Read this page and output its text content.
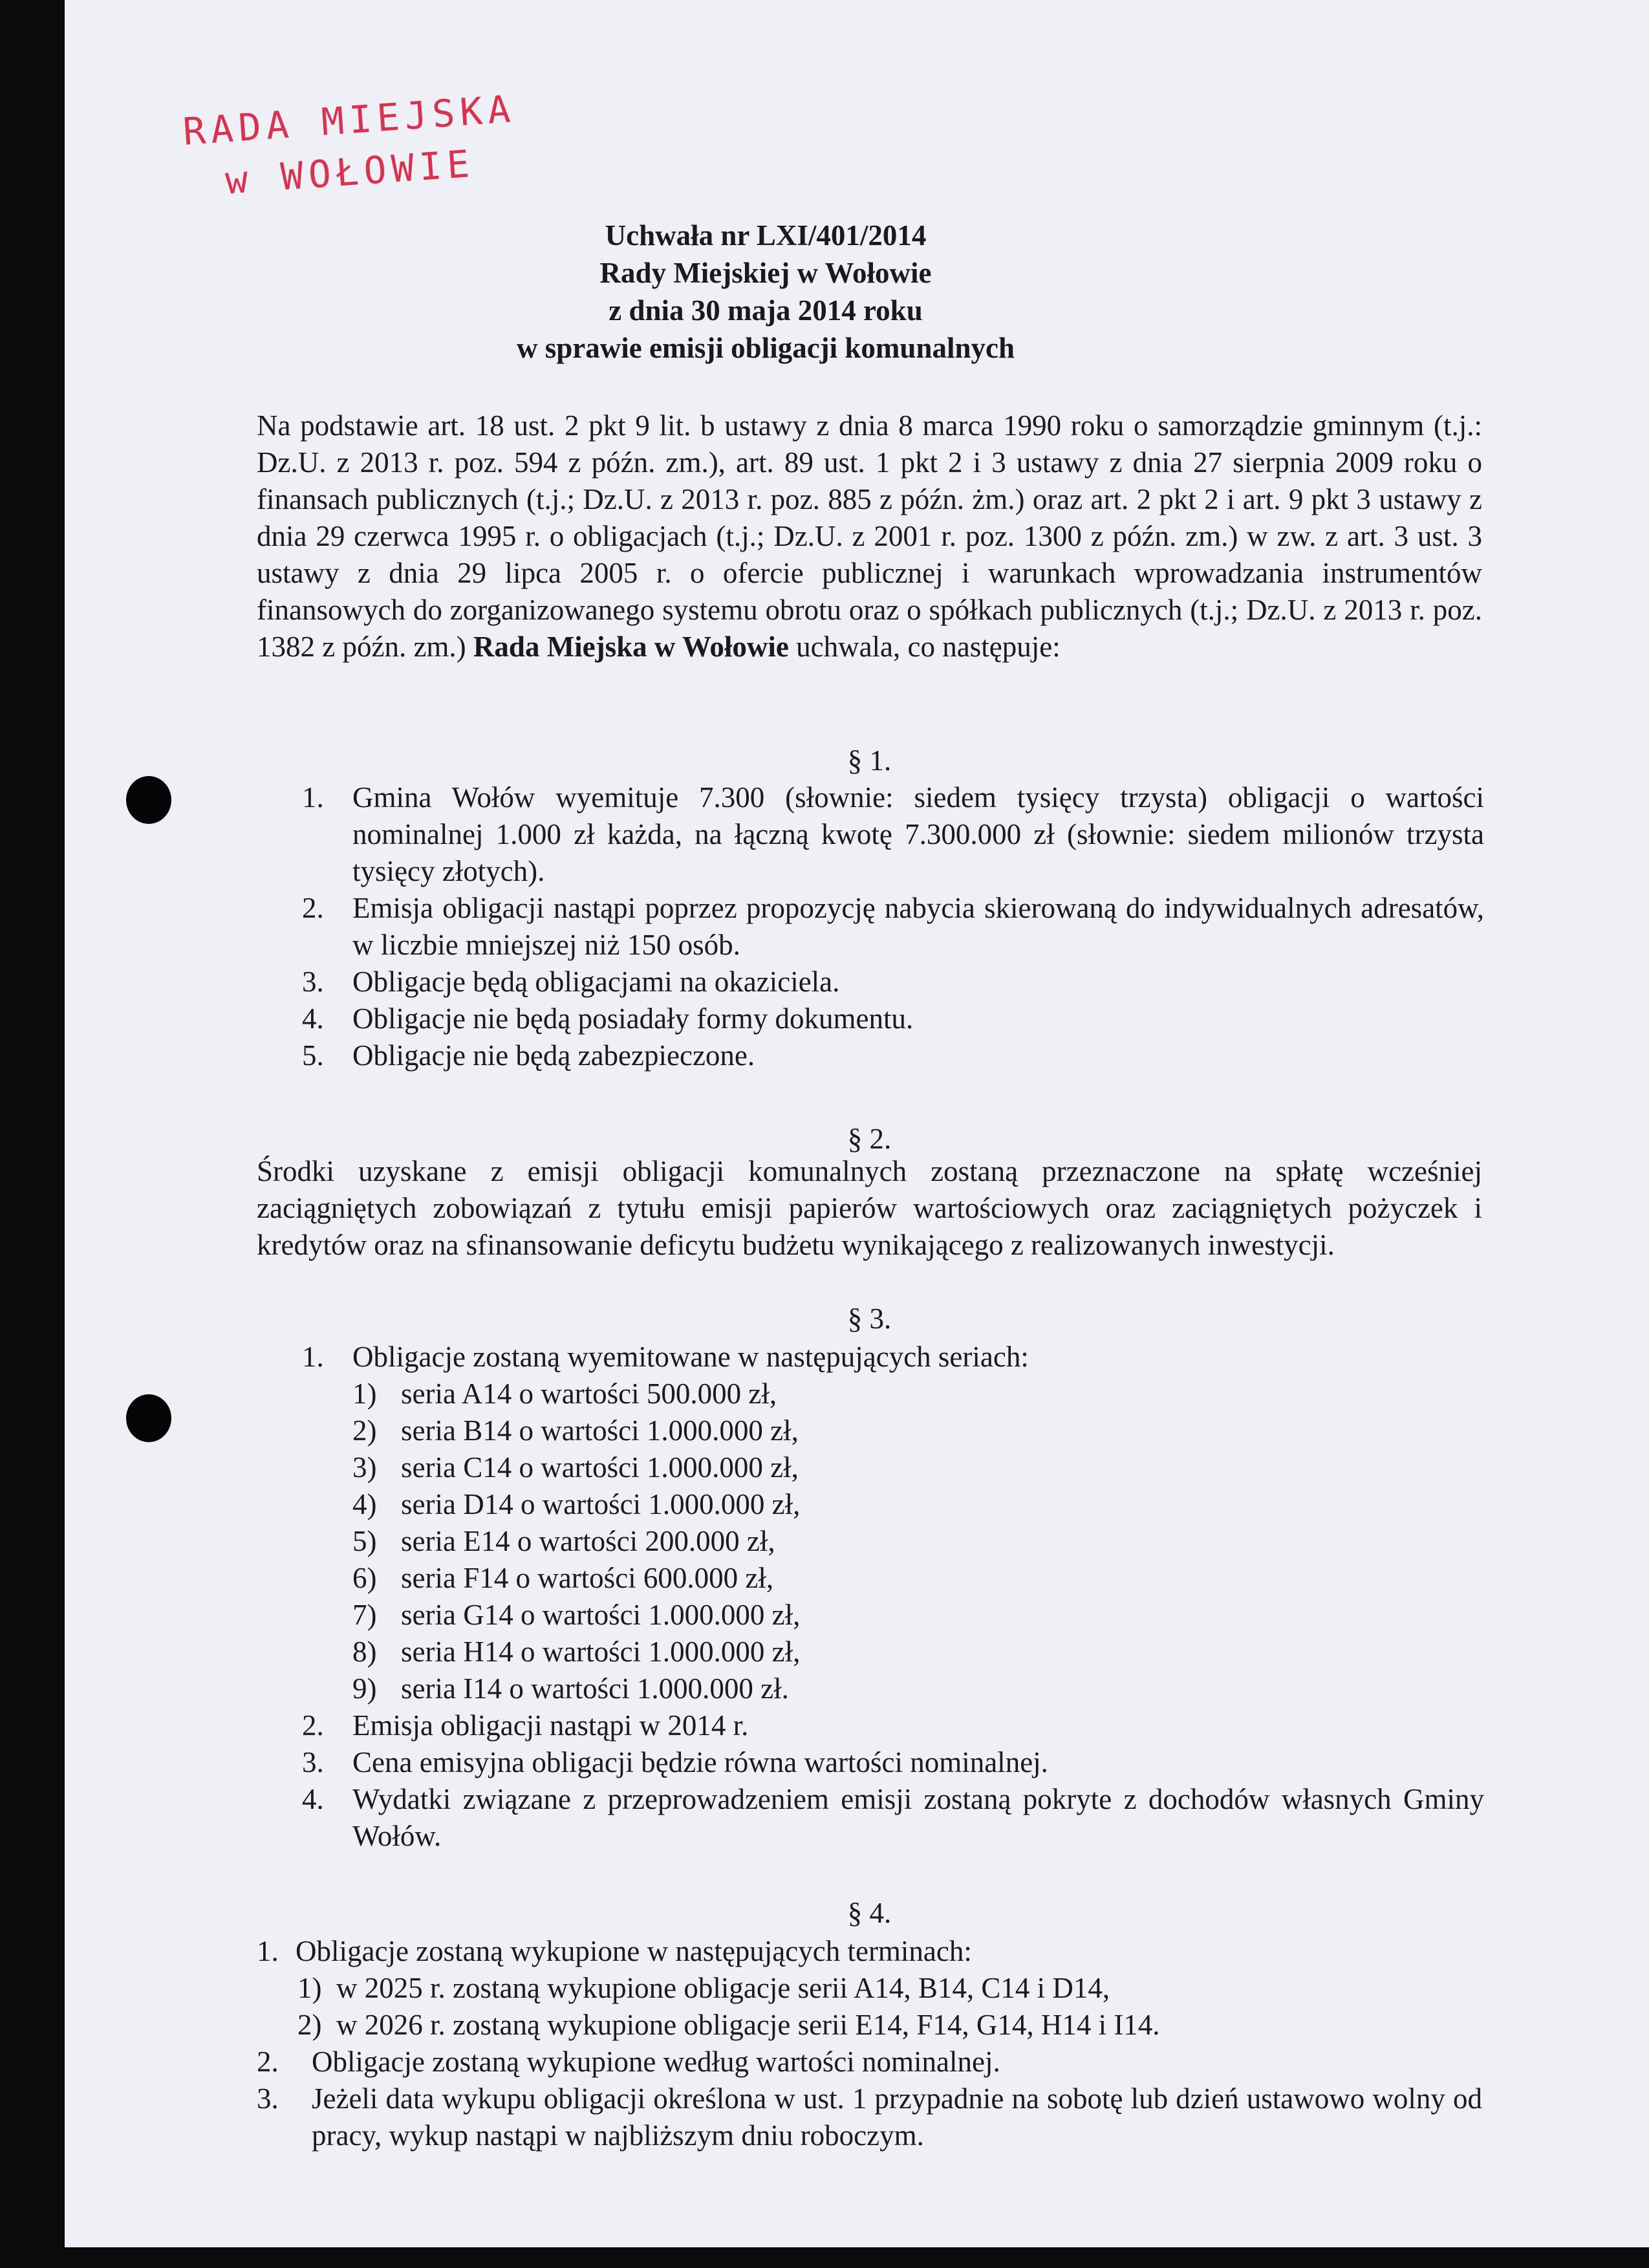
RADA MIEJSKA
w WOŁOWIE
Uchwała nr LXI/401/2014
Rady Miejskiej w Wołowie
z dnia 30 maja 2014 roku
w sprawie emisji obligacji komunalnych
Na podstawie art. 18 ust. 2 pkt 9 lit. b ustawy z dnia 8 marca 1990 roku o samorządzie gminnym (t.j.: Dz.U. z 2013 r. poz. 594 z późn. zm.), art. 89 ust. 1 pkt 2 i 3 ustawy z dnia 27 sierpnia 2009 roku o finansach publicznych (t.j.; Dz.U. z 2013 r. poz. 885 z późn. żm.) oraz art. 2 pkt 2 i art. 9 pkt 3 ustawy z dnia 29 czerwca 1995 r. o obligacjach (t.j.; Dz.U. z 2001 r. poz. 1300 z późn. zm.) w zw. z art. 3 ust. 3 ustawy z dnia 29 lipca 2005 r. o ofercie publicznej i warunkach wprowadzania instrumentów finansowych do zorganizowanego systemu obrotu oraz o spółkach publicznych (t.j.; Dz.U. z 2013 r. poz. 1382 z późn. zm.) Rada Miejska w Wołowie uchwala, co następuje:
§ 1.
1. Gmina Wołów wyemituje 7.300 (słownie: siedem tysięcy trzysta) obligacji o wartości nominalnej 1.000 zł każda, na łączną kwotę 7.300.000 zł (słownie: siedem milionów trzysta tysięcy złotych).
2. Emisja obligacji nastąpi poprzez propozycję nabycia skierowaną do indywidualnych adresatów, w liczbie mniejszej niż 150 osób.
3. Obligacje będą obligacjami na okaziciela.
4. Obligacje nie będą posiadały formy dokumentu.
5. Obligacje nie będą zabezpieczone.
§ 2.
Środki uzyskane z emisji obligacji komunalnych zostaną przeznaczone na spłatę wcześniej zaciągniętych zobowiązań z tytułu emisji papierów wartościowych oraz zaciągniętych pożyczek i kredytów oraz na sfinansowanie deficytu budżetu wynikającego z realizowanych inwestycji.
§ 3.
1. Obligacje zostaną wyemitowane w następujących seriach:
1) seria A14 o wartości 500.000 zł,
2) seria B14 o wartości 1.000.000 zł,
3) seria C14 o wartości 1.000.000 zł,
4) seria D14 o wartości 1.000.000 zł,
5) seria E14 o wartości 200.000 zł,
6) seria F14 o wartości 600.000 zł,
7) seria G14 o wartości 1.000.000 zł,
8) seria H14 o wartości 1.000.000 zł,
9) seria I14 o wartości 1.000.000 zł.
2. Emisja obligacji nastąpi w 2014 r.
3. Cena emisyjna obligacji będzie równa wartości nominalnej.
4. Wydatki związane z przeprowadzeniem emisji zostaną pokryte z dochodów własnych Gminy Wołów.
§ 4.
1. Obligacje zostaną wykupione w następujących terminach:
1) w 2025 r. zostaną wykupione obligacje serii A14, B14, C14 i D14,
2) w 2026 r. zostaną wykupione obligacje serii E14, F14, G14, H14 i I14.
2. Obligacje zostaną wykupione według wartości nominalnej.
3. Jeżeli data wykupu obligacji określona w ust. 1 przypadnie na sobotę lub dzień ustawowo wolny od pracy, wykup nastąpi w najbliższym dniu roboczym.
